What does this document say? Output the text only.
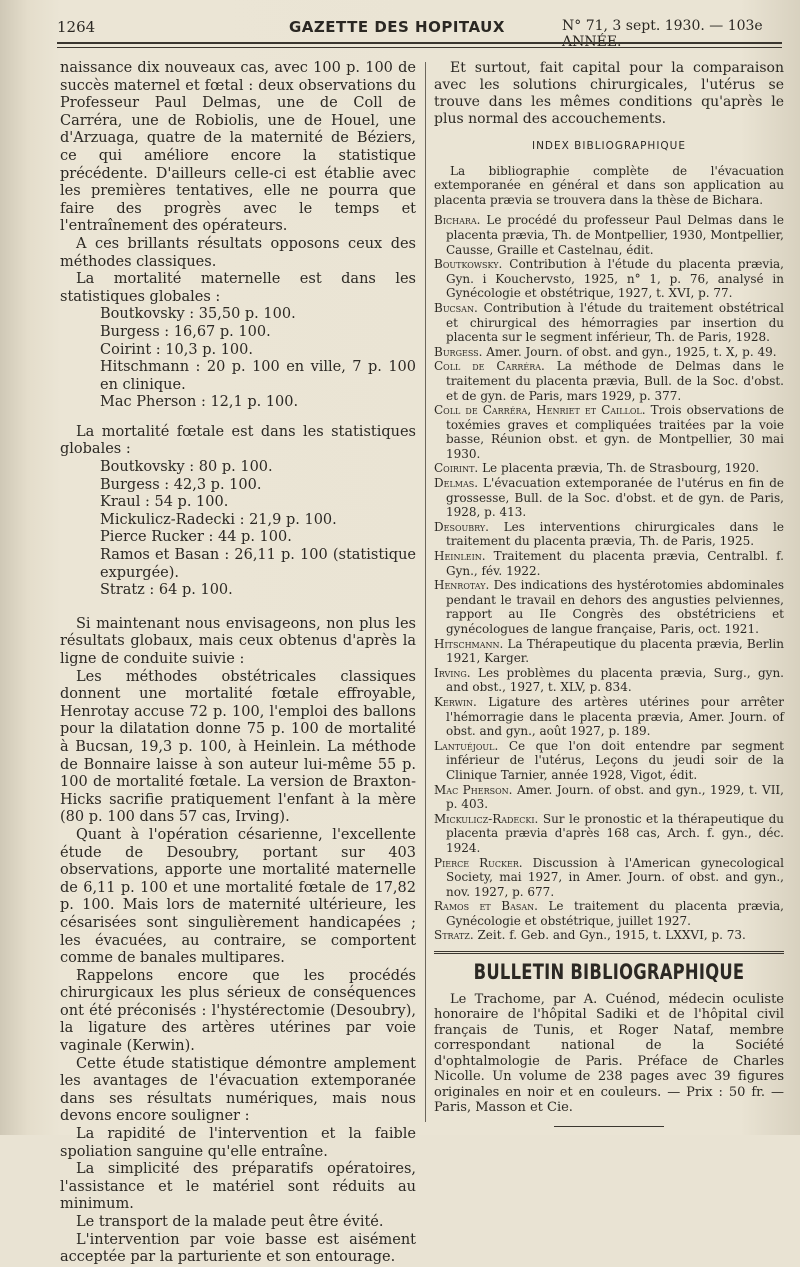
1264	GAZETTE DES HOPITAUX	N° 71, 3 sept. 1930. — 103e ANNÉE.

naissance dix nouveaux cas, avec 100 p. 100 de succès maternel et fœtal : deux observations du Professeur Paul Delmas, une de Coll de Carréra, une de Robiolis, une de Houel, une d'Arzuaga, quatre de la maternité de Béziers, ce qui améliore encore la statistique précédente. D'ailleurs celle-ci est établie avec les premières tentatives, elle ne pourra que faire des progrès avec le temps et l'entraînement des opérateurs.

A ces brillants résultats opposons ceux des méthodes classiques.

La mortalité maternelle est dans les statistiques globales :

Boutkovsky : 35,50 p. 100.

Burgess : 16,67 p. 100.

Coirint : 10,3 p. 100.

Hitschmann : 20 p. 100 en ville, 7 p. 100 en clinique.

Mac Pherson : 12,1 p. 100.

La mortalité fœtale est dans les statistiques globales :

Boutkovsky : 80 p. 100.

Burgess : 42,3 p. 100.

Kraul : 54 p. 100.

Mickulicz-Radecki : 21,9 p. 100.

Pierce Rucker : 44 p. 100.

Ramos et Basan : 26,11 p. 100 (statistique expurgée).

Stratz : 64 p. 100.

Si maintenant nous envisageons, non plus les résultats globaux, mais ceux obtenus d'après la ligne de conduite suivie :

Les méthodes obstétricales classiques donnent une mortalité fœtale effroyable, Henrotay accuse 72 p. 100, l'emploi des ballons pour la dilatation donne 75 p. 100 de mortalité à Bucsan, 19,3 p. 100, à Heinlein. La méthode de Bonnaire laisse à son auteur lui-même 55 p. 100 de mortalité fœtale. La version de Braxton-Hicks sacrifie pratiquement l'enfant à la mère (80 p. 100 dans 57 cas, Irving).

Quant à l'opération césarienne, l'excellente étude de Desoubry, portant sur 403 observations, apporte une mortalité maternelle de 6,11 p. 100 et une mortalité fœtale de 17,82 p. 100. Mais lors de maternité ultérieure, les césarisées sont singulièrement handicapées ; les évacuées, au contraire, se comportent comme de banales multipares.

Rappelons encore que les procédés chirurgicaux les plus sérieux de conséquences ont été préconisés : l'hystérectomie (Desoubry), la ligature des artères utérines par voie vaginale (Kerwin).

Cette étude statistique démontre amplement les avantages de l'évacuation extemporanée dans ses résultats numériques, mais nous devons encore souligner :

La rapidité de l'intervention et la faible spoliation sanguine qu'elle entraîne.

La simplicité des préparatifs opératoires, l'assistance et le matériel sont réduits au minimum.

Le transport de la malade peut être évité.

L'intervention par voie basse est aisément acceptée par la parturiente et son entourage.

Et surtout, fait capital pour la comparaison avec les solutions chirurgicales, l'utérus se trouve dans les mêmes conditions qu'après le plus normal des accouchements.

INDEX BIBLIOGRAPHIQUE

La bibliographie complète de l'évacuation extemporanée en général et dans son application au placenta prævia se trouvera dans la thèse de Bichara.

Bichara. Le procédé du professeur Paul Delmas dans le placenta prævia, Th. de Montpellier, 1930, Montpellier, Causse, Graille et Castelnau, édit.

Boutkowsky. Contribution à l'étude du placenta prævia, Gyn. i Kouchervsto, 1925, n° 1, p. 76, analysé in Gynécologie et obstétrique, 1927, t. XVI, p. 77.

Bucsan. Contribution à l'étude du traitement obstétrical et chirurgical des hémorragies par insertion du placenta sur le segment inférieur, Th. de Paris, 1928.

Burgess. Amer. Journ. of obst. and gyn., 1925, t. X, p. 49.

Coll de Carréra. La méthode de Delmas dans le traitement du placenta prævia, Bull. de la Soc. d'obst. et de gyn. de Paris, mars 1929, p. 377.

Coll de Carréra, Henriet et Caillol. Trois observations de toxémies graves et compliquées traitées par la voie basse, Réunion obst. et gyn. de Montpellier, 30 mai 1930.

Coirint. Le placenta prævia, Th. de Strasbourg, 1920.

Delmas. L'évacuation extemporanée de l'utérus en fin de grossesse, Bull. de la Soc. d'obst. et de gyn. de Paris, 1928, p. 413.

Desoubry. Les interventions chirurgicales dans le traitement du placenta prævia, Th. de Paris, 1925.

Heinlein. Traitement du placenta prævia, Centralbl. f. Gyn., fév. 1922.

Henrotay. Des indications des hystérotomies abdominales pendant le travail en dehors des angusties pelviennes, rapport au IIe Congrès des obstétriciens et gynécologues de langue française, Paris, oct. 1921.

Hitschmann. La Thérapeutique du placenta prævia, Berlin 1921, Karger.

Irving. Les problèmes du placenta prævia, Surg., gyn. and obst., 1927, t. XLV, p. 834.

Kerwin. Ligature des artères utérines pour arrêter l'hémorragie dans le placenta prævia, Amer. Journ. of obst. and gyn., août 1927, p. 189.

Lantuéjoul. Ce que l'on doit entendre par segment inférieur de l'utérus, Leçons du jeudi soir de la Clinique Tarnier, année 1928, Vigot, édit.

Mac Pherson. Amer. Journ. of obst. and gyn., 1929, t. VII, p. 403.

Mickulicz-Radecki. Sur le pronostic et la thérapeutique du placenta prævia d'après 168 cas, Arch. f. gyn., déc. 1924.

Pierce Rucker. Discussion à l'American gynecological Society, mai 1927, in Amer. Journ. of obst. and gyn., nov. 1927, p. 677.

Ramos et Basan. Le traitement du placenta prævia, Gynécologie et obstétrique, juillet 1927.

Stratz. Zeit. f. Geb. and Gyn., 1915, t. LXXVI, p. 73.

BULLETIN BIBLIOGRAPHIQUE

Le Trachome, par A. Cuénod, médecin oculiste honoraire de l'hôpital Sadiki et de l'hôpital civil français de Tunis, et Roger Nataf, membre correspondant national de la Société d'ophtalmologie de Paris. Préface de Charles Nicolle. Un volume de 238 pages avec 39 figures originales en noir et en couleurs. — Prix : 50 fr. — Paris, Masson et Cie.
